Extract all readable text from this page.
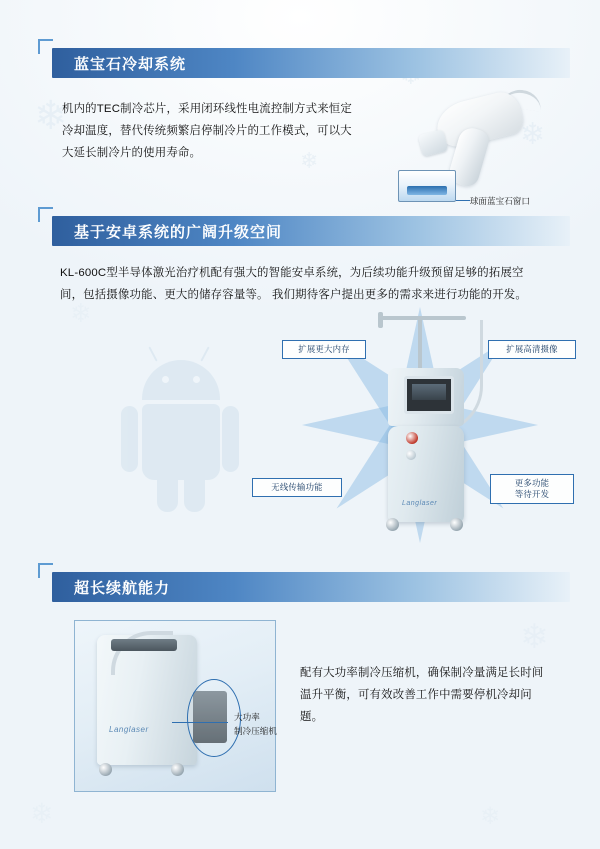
❄	❄
❄
❄
❄
❄	❄
蓝宝石冷却系统
机内的TEC制冷芯片，采用闭环线性电流控制方式来恒定冷却温度，替代传统频繁启停制冷片的工作模式，可以大大延长制冷片的使用寿命。
球面蓝宝石窗口
基于安卓系统的广阔升级空间
KL-600C型半导体激光治疗机配有强大的智能安卓系统，为后续功能升级预留足够的拓展空间，包括摄像功能、更大的储存容量等。 我们期待客户提出更多的需求来进行功能的开发。
Langlaser
扩展更大内存	扩展高清摄像
无线传输功能	更多功能
等待开发
超长续航能力
Langlaser
大功率
制冷压缩机
配有大功率制冷压缩机，确保制冷量满足长时间温升平衡，可有效改善工作中需要停机冷却问题。
